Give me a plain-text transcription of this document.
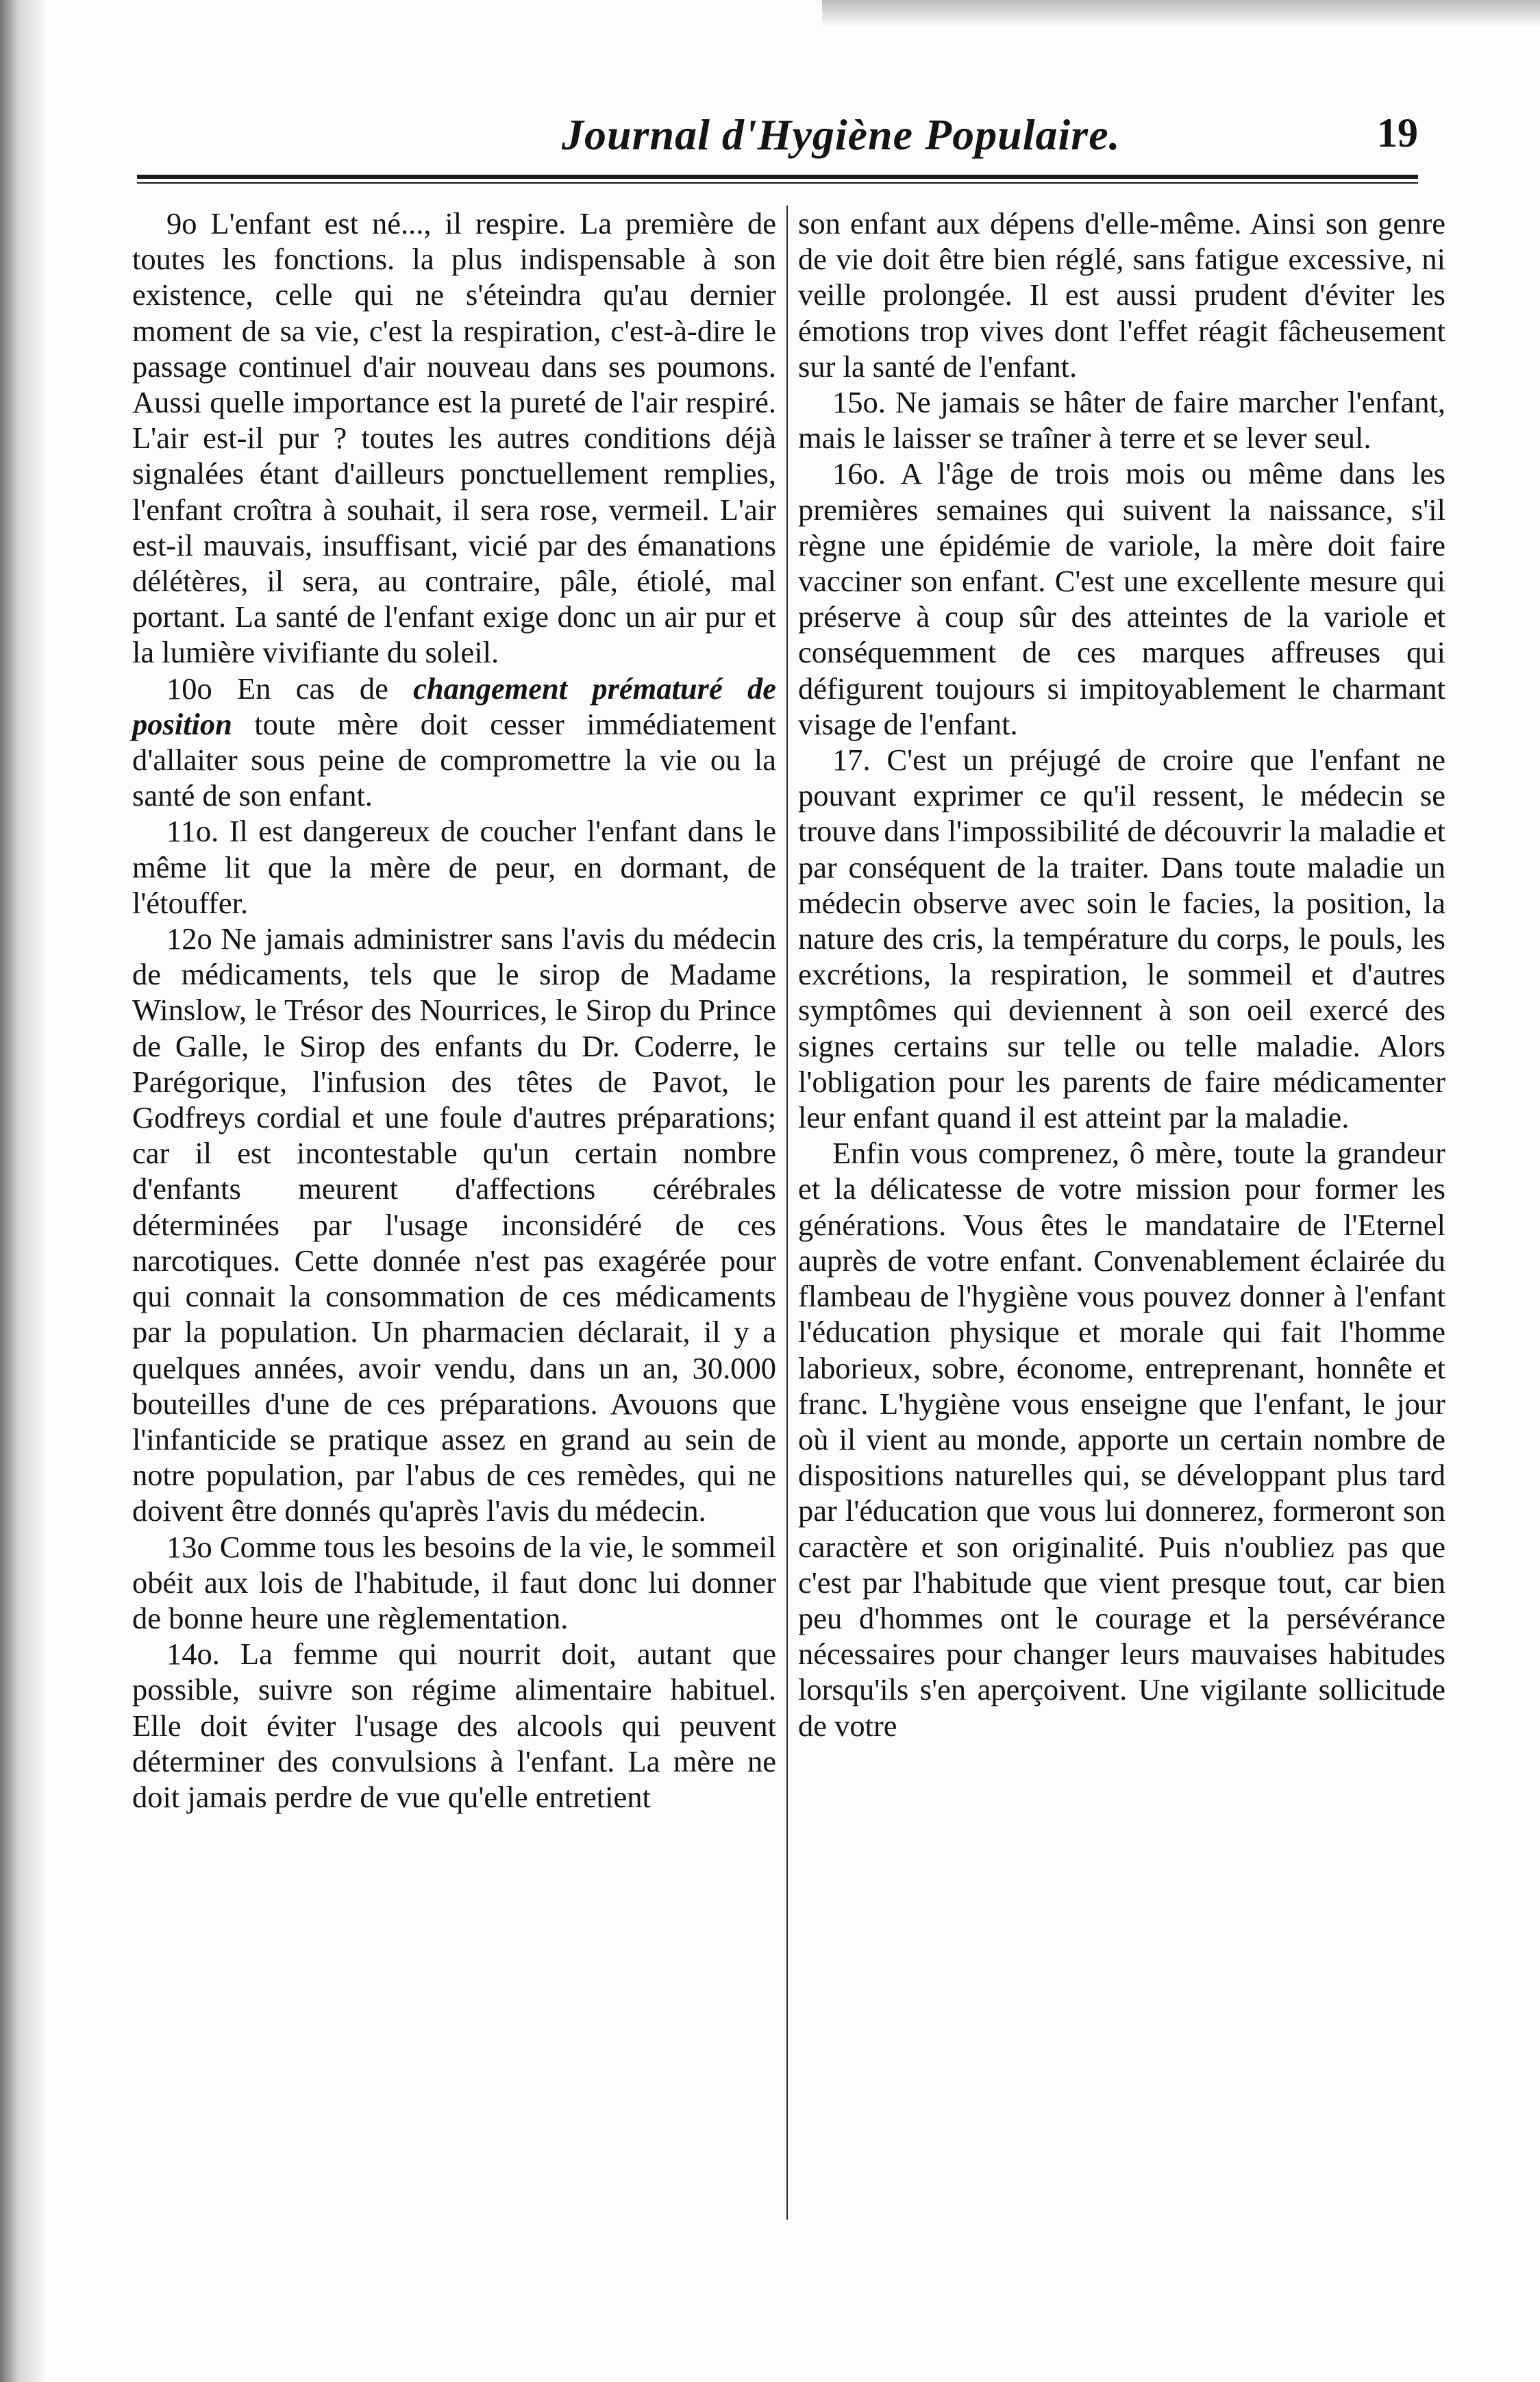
Journal d'Hygiène Populaire.	19

9o L'enfant est né..., il respire. La première de toutes les fonctions. la plus indispensable à son existence, celle qui ne s'éteindra qu'au dernier moment de sa vie, c'est la respiration, c'est-à-dire le passage continuel d'air nouveau dans ses poumons. Aussi quelle importance est la pureté de l'air respiré. L'air est-il pur ? toutes les autres conditions déjà signalées étant d'ailleurs ponctuellement remplies, l'enfant croîtra à souhait, il sera rose, vermeil. L'air est-il mauvais, insuffisant, vicié par des émanations délétères, il sera, au contraire, pâle, étiolé, mal portant. La santé de l'enfant exige donc un air pur et la lumière vivifiante du soleil.

10o En cas de changement prématuré de position toute mère doit cesser immédiatement d'allaiter sous peine de compromettre la vie ou la santé de son enfant.

11o. Il est dangereux de coucher l'enfant dans le même lit que la mère de peur, en dormant, de l'étouffer.

12o Ne jamais administrer sans l'avis du médecin de médicaments, tels que le sirop de Madame Winslow, le Trésor des Nourrices, le Sirop du Prince de Galle, le Sirop des enfants du Dr. Coderre, le Parégorique, l'infusion des têtes de Pavot, le Godfreys cordial et une foule d'autres préparations; car il est incontestable qu'un certain nombre d'enfants meurent d'affections cérébrales déterminées par l'usage inconsidéré de ces narcotiques. Cette donnée n'est pas exagérée pour qui connait la consommation de ces médicaments par la population. Un pharmacien déclarait, il y a quelques années, avoir vendu, dans un an, 30.000 bouteilles d'une de ces préparations. Avouons que l'infanticide se pratique assez en grand au sein de notre population, par l'abus de ces remèdes, qui ne doivent être donnés qu'après l'avis du médecin.

13o Comme tous les besoins de la vie, le sommeil obéit aux lois de l'habitude, il faut donc lui donner de bonne heure une règlementation.

14o. La femme qui nourrit doit, autant que possible, suivre son régime alimentaire habituel. Elle doit éviter l'usage des alcools qui peuvent déterminer des convulsions à l'enfant. La mère ne doit jamais perdre de vue qu'elle entretient

son enfant aux dépens d'elle-même. Ainsi son genre de vie doit être bien réglé, sans fatigue excessive, ni veille prolongée. Il est aussi prudent d'éviter les émotions trop vives dont l'effet réagit fâcheusement sur la santé de l'enfant.

15o. Ne jamais se hâter de faire marcher l'enfant, mais le laisser se traîner à terre et se lever seul.

16o. A l'âge de trois mois ou même dans les premières semaines qui suivent la naissance, s'il règne une épidémie de variole, la mère doit faire vacciner son enfant. C'est une excellente mesure qui préserve à coup sûr des atteintes de la variole et conséquemment de ces marques affreuses qui défigurent toujours si impitoyablement le charmant visage de l'enfant.

17. C'est un préjugé de croire que l'enfant ne pouvant exprimer ce qu'il ressent, le médecin se trouve dans l'impossibilité de découvrir la maladie et par conséquent de la traiter. Dans toute maladie un médecin observe avec soin le facies, la position, la nature des cris, la température du corps, le pouls, les excrétions, la respiration, le sommeil et d'autres symptômes qui deviennent à son oeil exercé des signes certains sur telle ou telle maladie. Alors l'obligation pour les parents de faire médicamenter leur enfant quand il est atteint par la maladie.

Enfin vous comprenez, ô mère, toute la grandeur et la délicatesse de votre mission pour former les générations. Vous êtes le mandataire de l'Eternel auprès de votre enfant. Convenablement éclairée du flambeau de l'hygiène vous pouvez donner à l'enfant l'éducation physique et morale qui fait l'homme laborieux, sobre, économe, entreprenant, honnête et franc. L'hygiène vous enseigne que l'enfant, le jour où il vient au monde, apporte un certain nombre de dispositions naturelles qui, se développant plus tard par l'éducation que vous lui donnerez, formeront son caractère et son originalité. Puis n'oubliez pas que c'est par l'habitude que vient presque tout, car bien peu d'hommes ont le courage et la persévérance nécessaires pour changer leurs mauvaises habitudes lorsqu'ils s'en aperçoivent. Une vigilante sollicitude de votre
